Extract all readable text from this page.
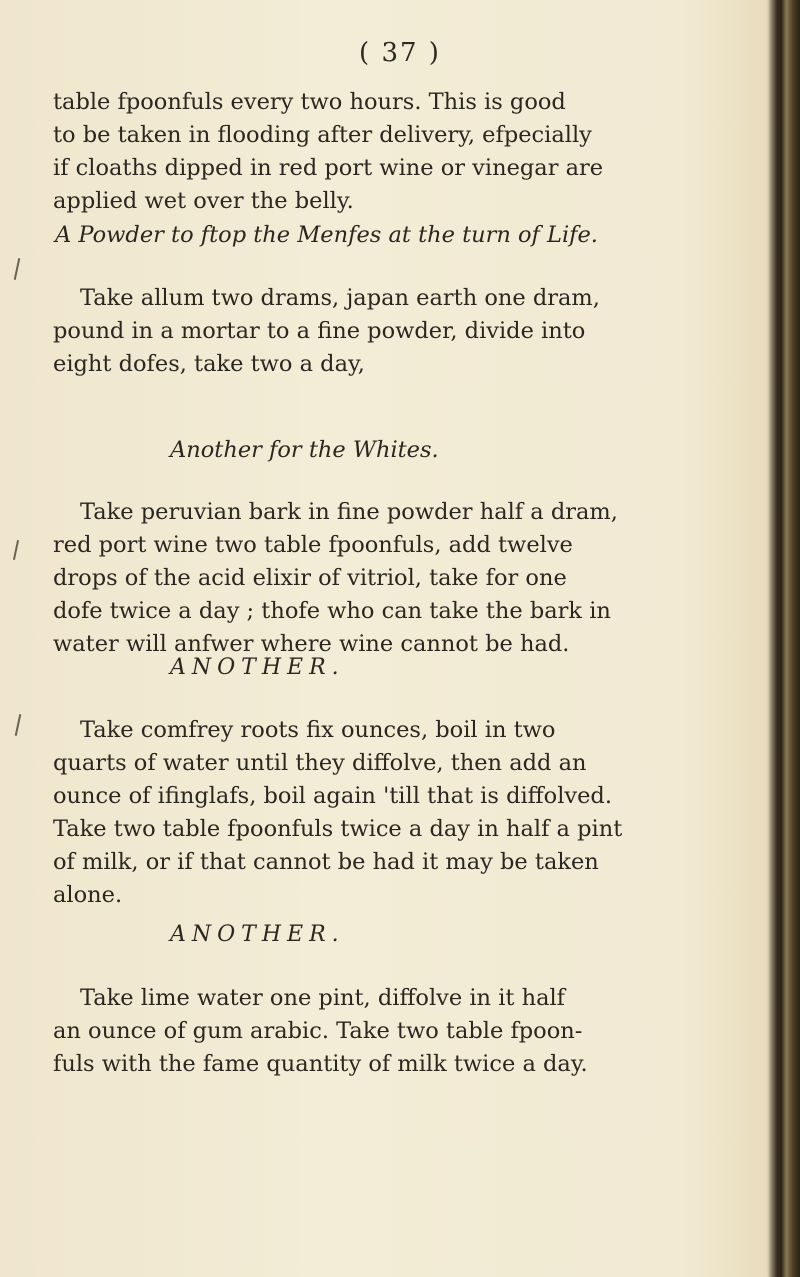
( 37 )
table fpoonfuls every two hours. This is good
to be taken in flooding after delivery, efpecially
if cloaths dipped in red port wine or vinegar are
applied wet over the belly.
A Powder to ftop the Menfes at the turn of Life.
Take allum two drams, japan earth one dram,
pound in a mortar to a fine powder, divide into
eight dofes, take two a day,
Another for the Whites.
Take peruvian bark in fine powder half a dram,
red port wine two table fpoonfuls, add twelve
drops of the acid elixir of vitriol, take for one
dofe twice a day ; thofe who can take the bark in
water will anfwer where wine cannot be had.
ANOTHER.
Take comfrey roots fix ounces, boil in two
quarts of water until they diffolve, then add an
ounce of ifinglafs, boil again 'till that is diffolved.
Take two table fpoonfuls twice a day in half a pint
of milk, or if that cannot be had it may be taken
alone.
ANOTHER.
Take lime water one pint, diffolve in it half
an ounce of gum arabic. Take two table fpoon-
fuls with the fame quantity of milk twice a day.
